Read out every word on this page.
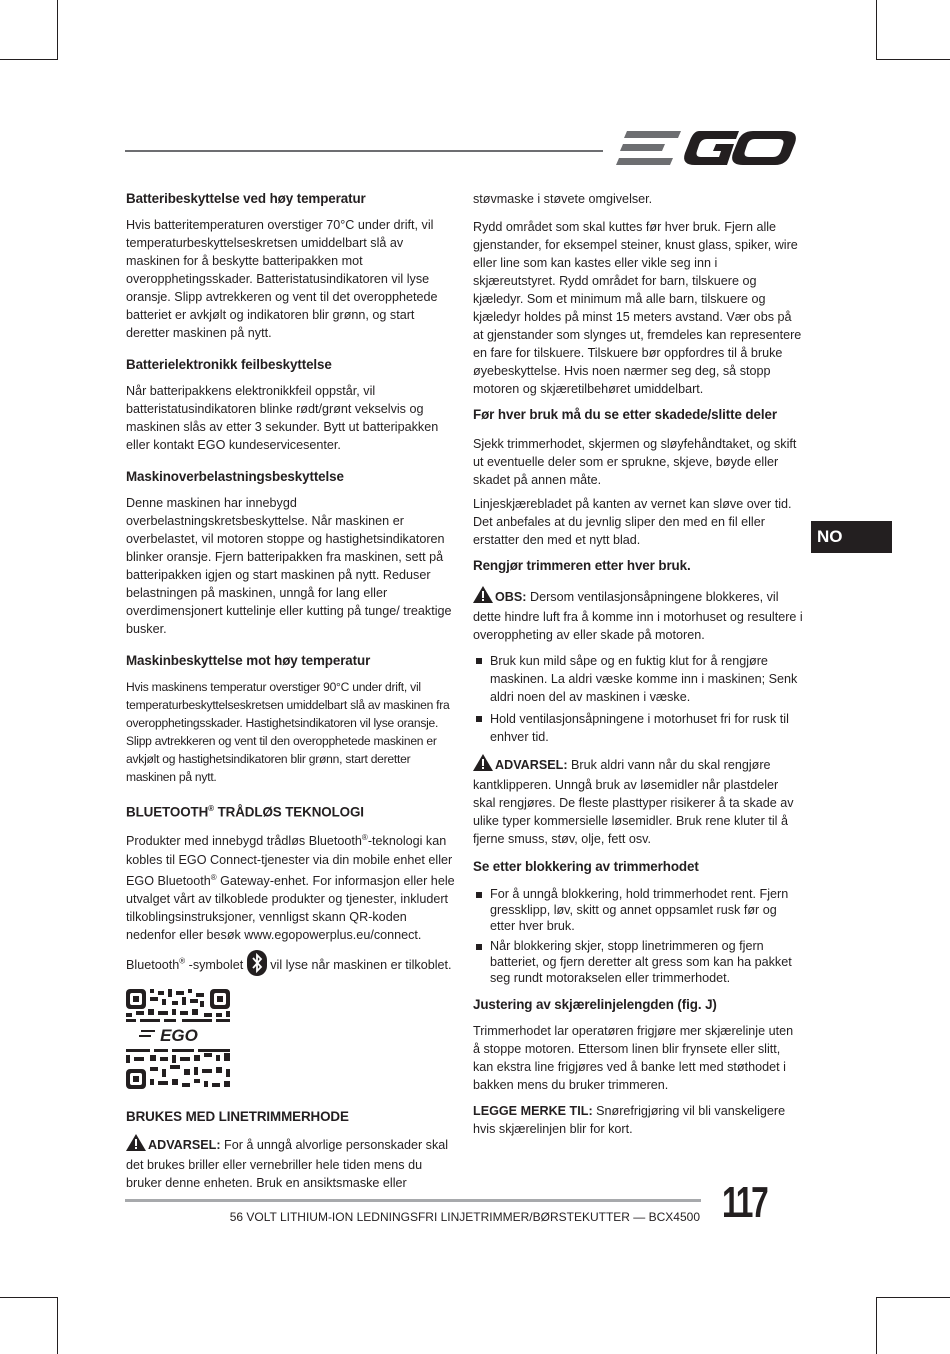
Batteribeskyttelse ved høy temperatur

Hvis batteritemperaturen overstiger 70°C under drift, vil temperaturbeskyttelseskretsen umiddelbart slå av maskinen for å beskytte batteripakken mot overopphetingsskader. Batteristatusindikatoren vil lyse oransje. Slipp avtrekkeren og vent til det overopphetede batteriet er avkjølt og indikatoren blir grønn, og start deretter maskinen på nytt.

Batterielektronikk feilbeskyttelse

Når batteripakkens elektronikkfeil oppstår, vil batteristatusindikatoren blinke rødt/grønt vekselvis og maskinen slås av etter 3 sekunder. Bytt ut batteripakken eller kontakt EGO kundeservicesenter.

Maskinoverbelastningsbeskyttelse

Denne maskinen har innebygd overbelastningskretsbeskyttelse. Når maskinen er overbelastet, vil motoren stoppe og hastighetsindikatoren blinker oransje. Fjern batteripakken fra maskinen, sett på batteripakken igjen og start maskinen på nytt. Reduser belastningen på maskinen, unngå for lang eller overdimensjonert kuttelinje eller kutting på tunge/ treaktige busker.

Maskinbeskyttelse mot høy temperatur

Hvis maskinens temperatur overstiger 90°C under drift, vil temperaturbeskyttelseskretsen umiddelbart slå av maskinen fra overopphetingsskader. Hastighetsindikatoren vil lyse oransje. Slipp avtrekkeren og vent til den overopphetede maskinen er avkjølt og hastighetsindikatoren blir grønn, start deretter maskinen på nytt.

BLUETOOTH® TRÅDLØS TEKNOLOGI

Produkter med innebygd trådløs Bluetooth®-teknologi kan kobles til EGO Connect-tjenester via din mobile enhet eller EGO Bluetooth® Gateway-enhet. For informasjon eller hele utvalget vårt av tilkoblede produkter og tjenester, inkludert tilkoblingsinstruksjoner, vennligst skann QR-koden nedenfor eller besøk www.egopowerplus.eu/connect.

Bluetooth® -symbolet  vil lyse når maskinen er tilkoblet.

EGO
BRUKES MED LINETRIMMERHODE

ADVARSEL: For å unngå alvorlige personskader skal det brukes briller eller vernebriller hele tiden mens du bruker denne enheten. Bruk en ansiktsmaske eller

støvmaske i støvete omgivelser.

Rydd området som skal kuttes før hver bruk. Fjern alle gjenstander, for eksempel steiner, knust glass, spiker, wire eller line som kan kastes eller vikle seg inn i skjæreutstyret. Rydd området for barn, tilskuere og kjæledyr. Som et minimum må alle barn, tilskuere og kjæledyr holdes på minst 15 meters avstand. Vær obs på at gjenstander som slynges ut, fremdeles kan representere en fare for tilskuere. Tilskuere bør oppfordres til å bruke øyebeskyttelse. Hvis noen nærmer seg deg, så stopp motoren og skjæretilbehøret umiddelbart.

Før hver bruk må du se etter skadede/slitte deler

Sjekk trimmerhodet, skjermen og sløyfehåndtaket, og skift ut eventuelle deler som er sprukne, skjeve, bøyde eller skadet på annen måte.

Linjeskjærebladet på kanten av vernet kan sløve over tid. Det anbefales at du jevnlig sliper den med en fil eller erstatter den med et nytt blad.

Rengjør trimmeren etter hver bruk.

OBS: Dersom ventilasjonsåpningene blokkeres, vil dette hindre luft fra å komme inn i motorhuset og resultere i overoppheting av eller skade på motoren.

Bruk kun mild såpe og en fuktig klut for å rengjøre maskinen. La aldri væske komme inn i maskinen; Senk aldri noen del av maskinen i væske.
Hold ventilasjonsåpningene i motorhuset fri for rusk til enhver tid.

ADVARSEL: Bruk aldri vann når du skal rengjøre kantklipperen. Unngå bruk av løsemidler når plastdeler skal rengjøres. De fleste plasttyper risikerer å ta skade av ulike typer kommersielle løsemidler. Bruk rene kluter til å fjerne smuss, støv, olje, fett osv.

Se etter blokkering av trimmerhodet
For å unngå blokkering, hold trimmerhodet rent. Fjern gressklipp, løv, skitt og annet oppsamlet rusk før og etter hver bruk.
Når blokkering skjer, stopp linetrimmeren og fjern batteriet, og fjern deretter alt gress som kan ha pakket seg rundt motorakselen eller trimmerhodet.
Justering av skjærelinjelengden (fig. J)

Trimmerhodet lar operatøren frigjøre mer skjærelinje uten å stoppe motoren. Ettersom linen blir frynsete eller slitt, kan ekstra line frigjøres ved å banke lett med støthodet i bakken mens du bruker trimmeren.

LEGGE MERKE TIL: Snørefrigjøring vil bli vanskeligere hvis skjærelinjen blir for kort.

NO
56 VOLT LITHIUM-ION LEDNINGSFRI LINJETRIMMER/BØRSTEKUTTER — BCX4500 117
